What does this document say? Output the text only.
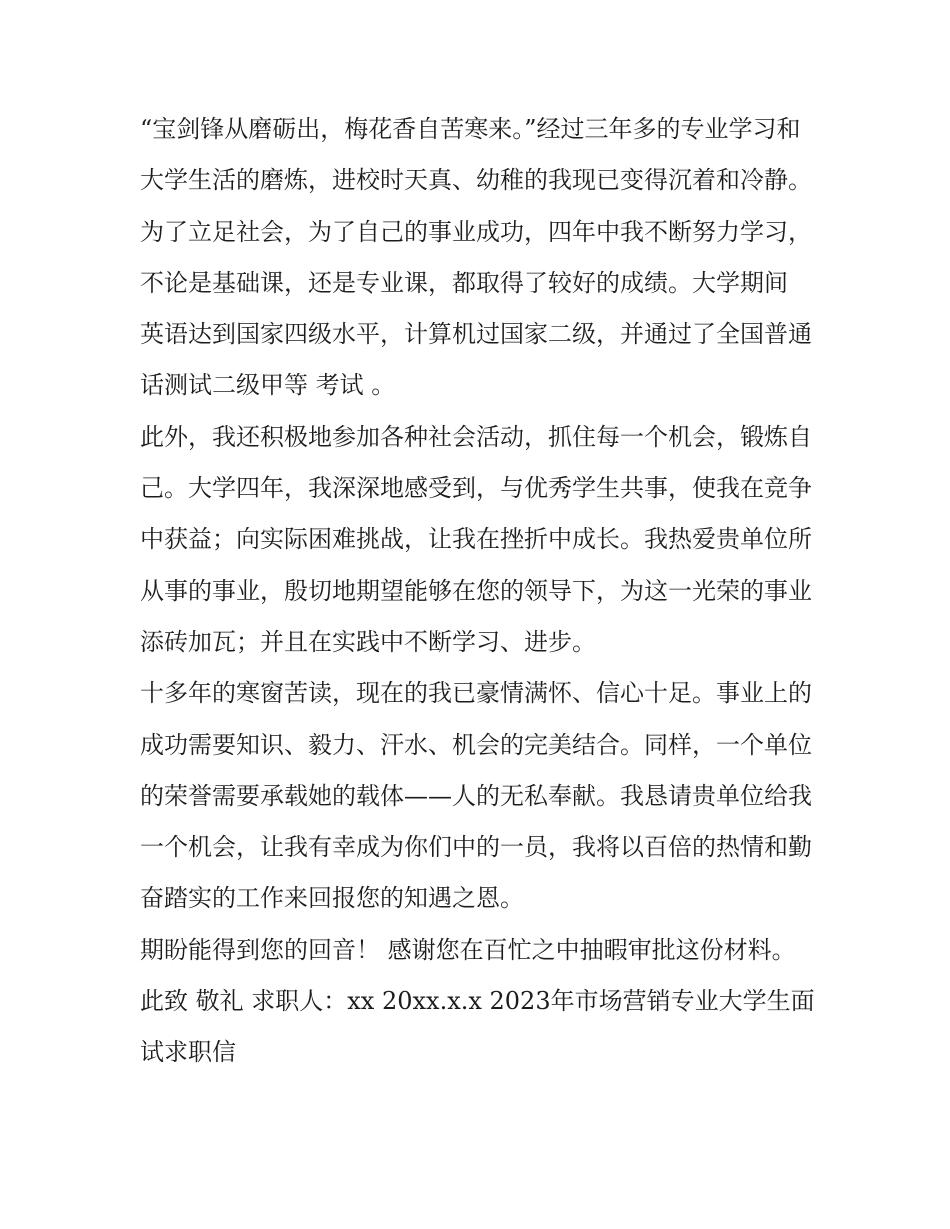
“宝剑锋从磨砺出，梅花香自苦寒来。”经过三年多的专业学习和大学生活的磨炼，进校时天真、幼稚的我现已变得沉着和冷静。为了立足社会，为了自己的事业成功，四年中我不断努力学习，不论是基础课，还是专业课，都取得了较好的成绩。大学期间

英语达到国家四级水平，计算机过国家二级，并通过了全国普通话测试二级甲等 考试 。

此外，我还积极地参加各种社会活动，抓住每一个机会，锻炼自己。大学四年，我深深地感受到，与优秀学生共事，使我在竞争中获益；向实际困难挑战，让我在挫折中成长。我热爱贵单位所从事的事业，殷切地期望能够在您的领导下，为这一光荣的事业添砖加瓦；并且在实践中不断学习、进步。

十多年的寒窗苦读，现在的我已豪情满怀、信心十足。事业上的成功需要知识、毅力、汗水、机会的完美结合。同样，一个单位的荣誉需要承载她的载体——人的无私奉献。我恳请贵单位给我一个机会，让我有幸成为你们中的一员，我将以百倍的热情和勤奋踏实的工作来回报您的知遇之恩。

期盼能得到您的回音！ 感谢您在百忙之中抽暇审批这份材料。 此致 敬礼 求职人：xx 20xx.x.x 2023年市场营销专业大学生面试求职信
